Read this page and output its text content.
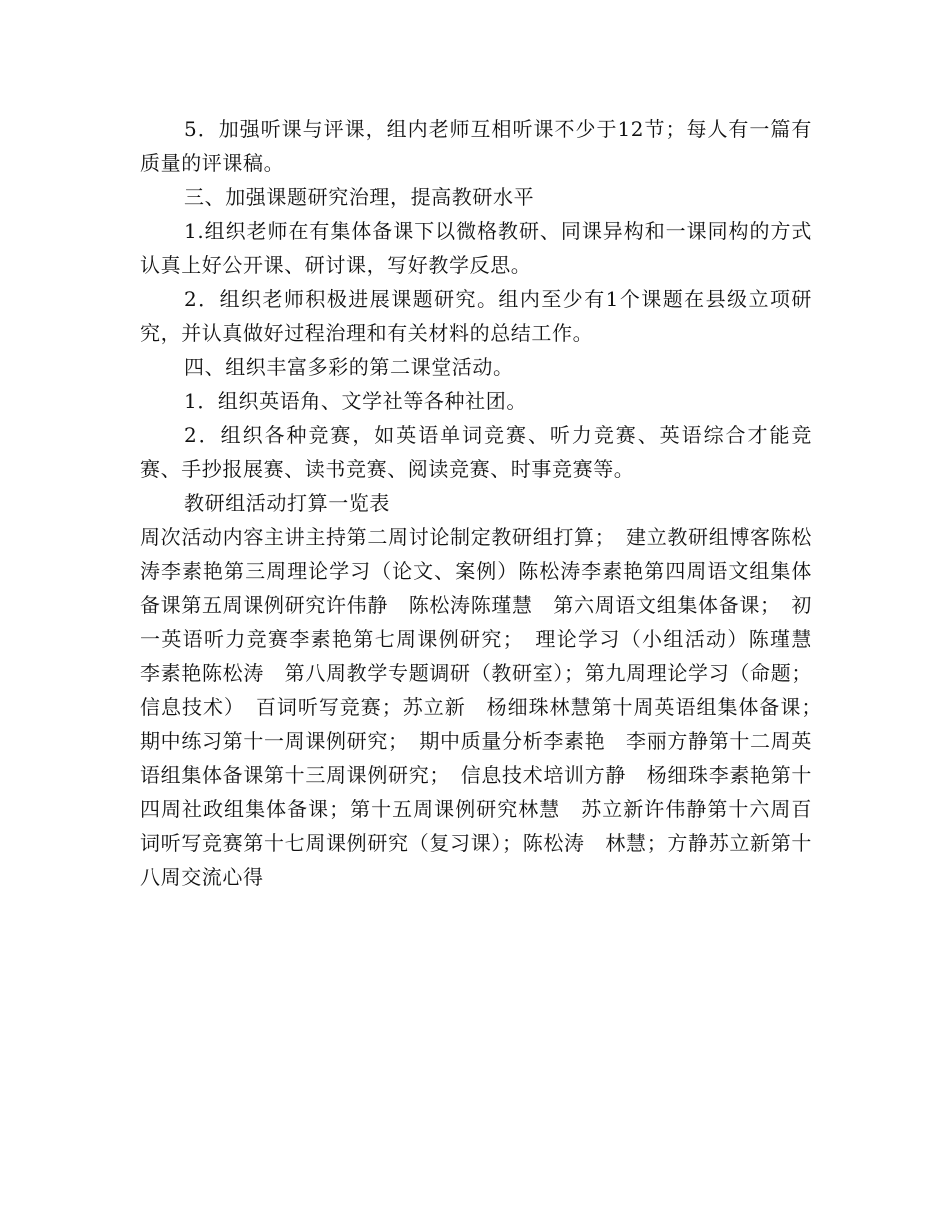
5．加强听课与评课，组内老师互相听课不少于12节；每人有一篇有质量的评课稿。

三、加强课题研究治理，提高教研水平

1.组织老师在有集体备课下以微格教研、同课异构和一课同构的方式认真上好公开课、研讨课，写好教学反思。

2．组织老师积极进展课题研究。组内至少有1个课题在县级立项研究，并认真做好过程治理和有关材料的总结工作。

四、组织丰富多彩的第二课堂活动。

1．组织英语角、文学社等各种社团。

2．组织各种竞赛，如英语单词竞赛、听力竞赛、英语综合才能竞赛、手抄报展赛、读书竞赛、阅读竞赛、时事竞赛等。

教研组活动打算一览表

周次活动内容主讲主持第二周讨论制定教研组打算；　建立教研组博客陈松涛李素艳第三周理论学习（论文、案例）陈松涛李素艳第四周语文组集体备课第五周课例研究许伟静　陈松涛陈瑾慧　第六周语文组集体备课；　初一英语听力竞赛李素艳第七周课例研究；　理论学习（小组活动）陈瑾慧　李素艳陈松涛　第八周教学专题调研（教研室）；第九周理论学习（命题；信息技术）　百词听写竞赛；苏立新　杨细珠林慧第十周英语组集体备课；　期中练习第十一周课例研究；　期中质量分析李素艳　李丽方静第十二周英语组集体备课第十三周课例研究；　信息技术培训方静　杨细珠李素艳第十四周社政组集体备课；第十五周课例研究林慧　苏立新许伟静第十六周百词听写竞赛第十七周课例研究（复习课）；陈松涛　林慧；方静苏立新第十八周交流心得
